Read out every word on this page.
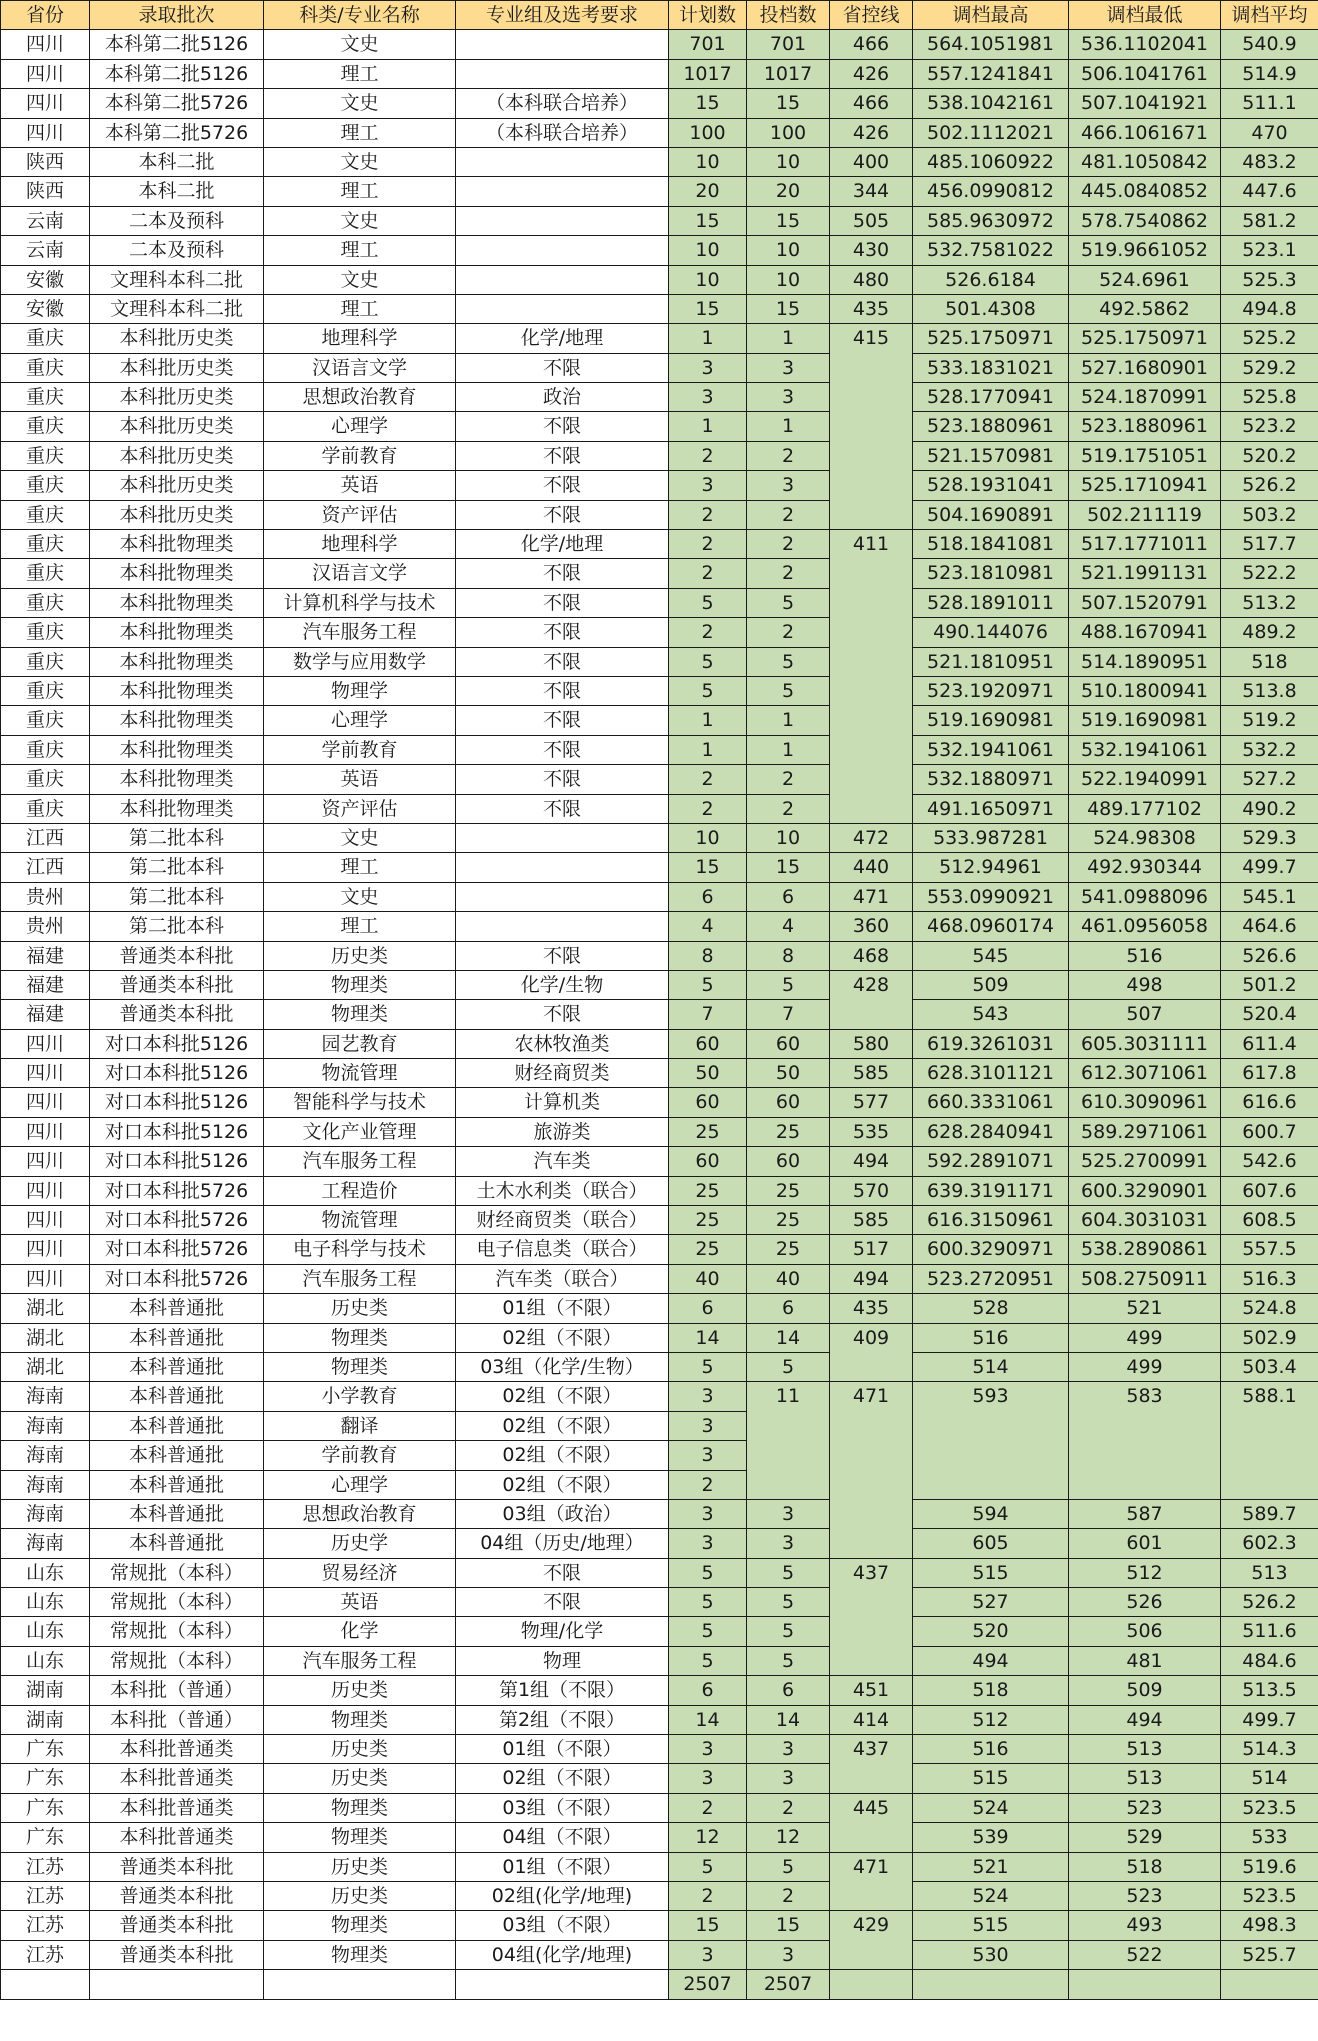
省份	录取批次	科类/专业名称	专业组及选考要求	计划数	投档数	省控线	调档最高	调档最低	调档平均
四川	本科第二批5126	文史		701	701	466	564.1051981	536.1102041	540.9
四川	本科第二批5126	理工		1017	1017	426	557.1241841	506.1041761	514.9
四川	本科第二批5726	文史	（本科联合培养）	15	15	466	538.1042161	507.1041921	511.1
四川	本科第二批5726	理工	（本科联合培养）	100	100	426	502.1112021	466.1061671	470
陕西	本科二批	文史		10	10	400	485.1060922	481.1050842	483.2
陕西	本科二批	理工		20	20	344	456.0990812	445.0840852	447.6
云南	二本及预科	文史		15	15	505	585.9630972	578.7540862	581.2
云南	二本及预科	理工		10	10	430	532.7581022	519.9661052	523.1
安徽	文理科本科二批	文史		10	10	480	526.6184	524.6961	525.3
安徽	文理科本科二批	理工		15	15	435	501.4308	492.5862	494.8
重庆	本科批历史类	地理科学	化学/地理	1	1	415	525.1750971	525.1750971	525.2
重庆	本科批历史类	汉语言文学	不限	3	3		533.1831021	527.1680901	529.2
重庆	本科批历史类	思想政治教育	政治	3	3		528.1770941	524.1870991	525.8
重庆	本科批历史类	心理学	不限	1	1		523.1880961	523.1880961	523.2
重庆	本科批历史类	学前教育	不限	2	2		521.1570981	519.1751051	520.2
重庆	本科批历史类	英语	不限	3	3		528.1931041	525.1710941	526.2
重庆	本科批历史类	资产评估	不限	2	2		504.1690891	502.211119	503.2
重庆	本科批物理类	地理科学	化学/地理	2	2	411	518.1841081	517.1771011	517.7
重庆	本科批物理类	汉语言文学	不限	2	2		523.1810981	521.1991131	522.2
重庆	本科批物理类	计算机科学与技术	不限	5	5		528.1891011	507.1520791	513.2
重庆	本科批物理类	汽车服务工程	不限	2	2		490.144076	488.1670941	489.2
重庆	本科批物理类	数学与应用数学	不限	5	5		521.1810951	514.1890951	518
重庆	本科批物理类	物理学	不限	5	5		523.1920971	510.1800941	513.8
重庆	本科批物理类	心理学	不限	1	1		519.1690981	519.1690981	519.2
重庆	本科批物理类	学前教育	不限	1	1		532.1941061	532.1941061	532.2
重庆	本科批物理类	英语	不限	2	2		532.1880971	522.1940991	527.2
重庆	本科批物理类	资产评估	不限	2	2		491.1650971	489.177102	490.2
江西	第二批本科	文史		10	10	472	533.987281	524.98308	529.3
江西	第二批本科	理工		15	15	440	512.94961	492.930344	499.7
贵州	第二批本科	文史		6	6	471	553.0990921	541.0988096	545.1
贵州	第二批本科	理工		4	4	360	468.0960174	461.0956058	464.6
福建	普通类本科批	历史类	不限	8	8	468	545	516	526.6
福建	普通类本科批	物理类	化学/生物	5	5	428	509	498	501.2
福建	普通类本科批	物理类	不限	7	7		543	507	520.4
四川	对口本科批5126	园艺教育	农林牧渔类	60	60	580	619.3261031	605.3031111	611.4
四川	对口本科批5126	物流管理	财经商贸类	50	50	585	628.3101121	612.3071061	617.8
四川	对口本科批5126	智能科学与技术	计算机类	60	60	577	660.3331061	610.3090961	616.6
四川	对口本科批5126	文化产业管理	旅游类	25	25	535	628.2840941	589.2971061	600.7
四川	对口本科批5126	汽车服务工程	汽车类	60	60	494	592.2891071	525.2700991	542.6
四川	对口本科批5726	工程造价	土木水利类（联合）	25	25	570	639.3191171	600.3290901	607.6
四川	对口本科批5726	物流管理	财经商贸类（联合）	25	25	585	616.3150961	604.3031031	608.5
四川	对口本科批5726	电子科学与技术	电子信息类（联合）	25	25	517	600.3290971	538.2890861	557.5
四川	对口本科批5726	汽车服务工程	汽车类（联合）	40	40	494	523.2720951	508.2750911	516.3
湖北	本科普通批	历史类	01组（不限）	6	6	435	528	521	524.8
湖北	本科普通批	物理类	02组（不限）	14	14	409	516	499	502.9
湖北	本科普通批	物理类	03组（化学/生物）	5	5		514	499	503.4
海南	本科普通批	小学教育	02组（不限）	3	11	471	593	583	588.1
海南	本科普通批	翻译	02组（不限）	3					
海南	本科普通批	学前教育	02组（不限）	3					
海南	本科普通批	心理学	02组（不限）	2					
海南	本科普通批	思想政治教育	03组（政治）	3	3		594	587	589.7
海南	本科普通批	历史学	04组（历史/地理）	3	3		605	601	602.3
山东	常规批（本科）	贸易经济	不限	5	5	437	515	512	513
山东	常规批（本科）	英语	不限	5	5		527	526	526.2
山东	常规批（本科）	化学	物理/化学	5	5		520	506	511.6
山东	常规批（本科）	汽车服务工程	物理	5	5		494	481	484.6
湖南	本科批（普通）	历史类	第1组（不限）	6	6	451	518	509	513.5
湖南	本科批（普通）	物理类	第2组（不限）	14	14	414	512	494	499.7
广东	本科批普通类	历史类	01组（不限）	3	3	437	516	513	514.3
广东	本科批普通类	历史类	02组（不限）	3	3		515	513	514
广东	本科批普通类	物理类	03组（不限）	2	2	445	524	523	523.5
广东	本科批普通类	物理类	04组（不限）	12	12		539	529	533
江苏	普通类本科批	历史类	01组（不限）	5	5	471	521	518	519.6
江苏	普通类本科批	历史类	02组(化学/地理)	2	2		524	523	523.5
江苏	普通类本科批	物理类	03组（不限）	15	15	429	515	493	498.3
江苏	普通类本科批	物理类	04组(化学/地理)	3	3		530	522	525.7
				2507	2507				
